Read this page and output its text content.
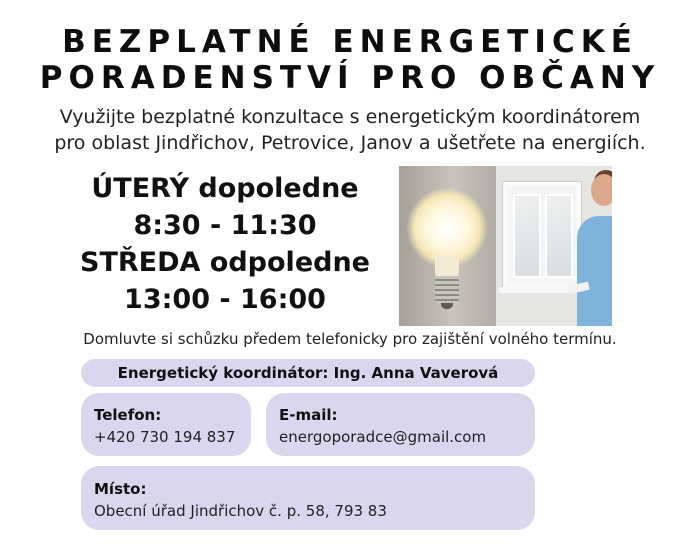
BEZPLATNÉ ENERGETICKÉ
PORADENSTVÍ PRO OBČANY
Využijte bezplatné konzultace s energetickým koordinátorem
pro oblast Jindřichov, Petrovice, Janov a ušetřete na energiích.
ÚTERÝ dopoledne
8:30 - 11:30
STŘEDA odpoledne
13:00 - 16:00
Domluvte si schůzku předem telefonicky pro zajištění volného termínu.
Energetický koordinátor: Ing. Anna Vaverová
Telefon:
+420 730 194 837
E-mail:
energoporadce@gmail.com
Místo:
Obecní úřad Jindřichov č. p. 58, 793 83
